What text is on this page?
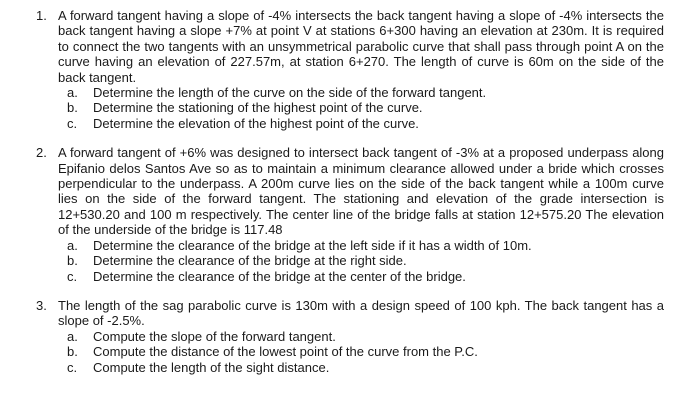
1. A forward tangent having a slope of -4% intersects the back tangent having a slope of -4% intersects the back tangent having a slope +7% at point V at stations 6+300 having an elevation at 230m. It is required to connect the two tangents with an unsymmetrical parabolic curve that shall pass through point A on the curve having an elevation of 227.57m, at station 6+270. The length of curve is 60m on the side of the back tangent.

a.	Determine the length of the curve on the side of the forward tangent.
b.	Determine the stationing of the highest point of the curve.
c.	Determine the elevation of the highest point of the curve.
2. A forward tangent of +6% was designed to intersect back tangent of -3% at a proposed underpass along Epifanio delos Santos Ave so as to maintain a minimum clearance allowed under a bride which crosses perpendicular to the underpass. A 200m curve lies on the side of the back tangent while a 100m curve lies on the side of the forward tangent. The stationing and elevation of the grade intersection is 12+530.20 and 100 m respectively. The center line of the bridge falls at station 12+575.20 The elevation of the underside of the bridge is 117.48

a.	Determine the clearance of the bridge at the left side if it has a width of 10m.
b.	Determine the clearance of the bridge at the right side.
c.	Determine the clearance of the bridge at the center of the bridge.
3. The length of the sag parabolic curve is 130m with a design speed of 100 kph. The back tangent has a slope of -2.5%.

a.	Compute the slope of the forward tangent.
b.	Compute the distance of the lowest point of the curve from the P.C.
c.	Compute the length of the sight distance.
